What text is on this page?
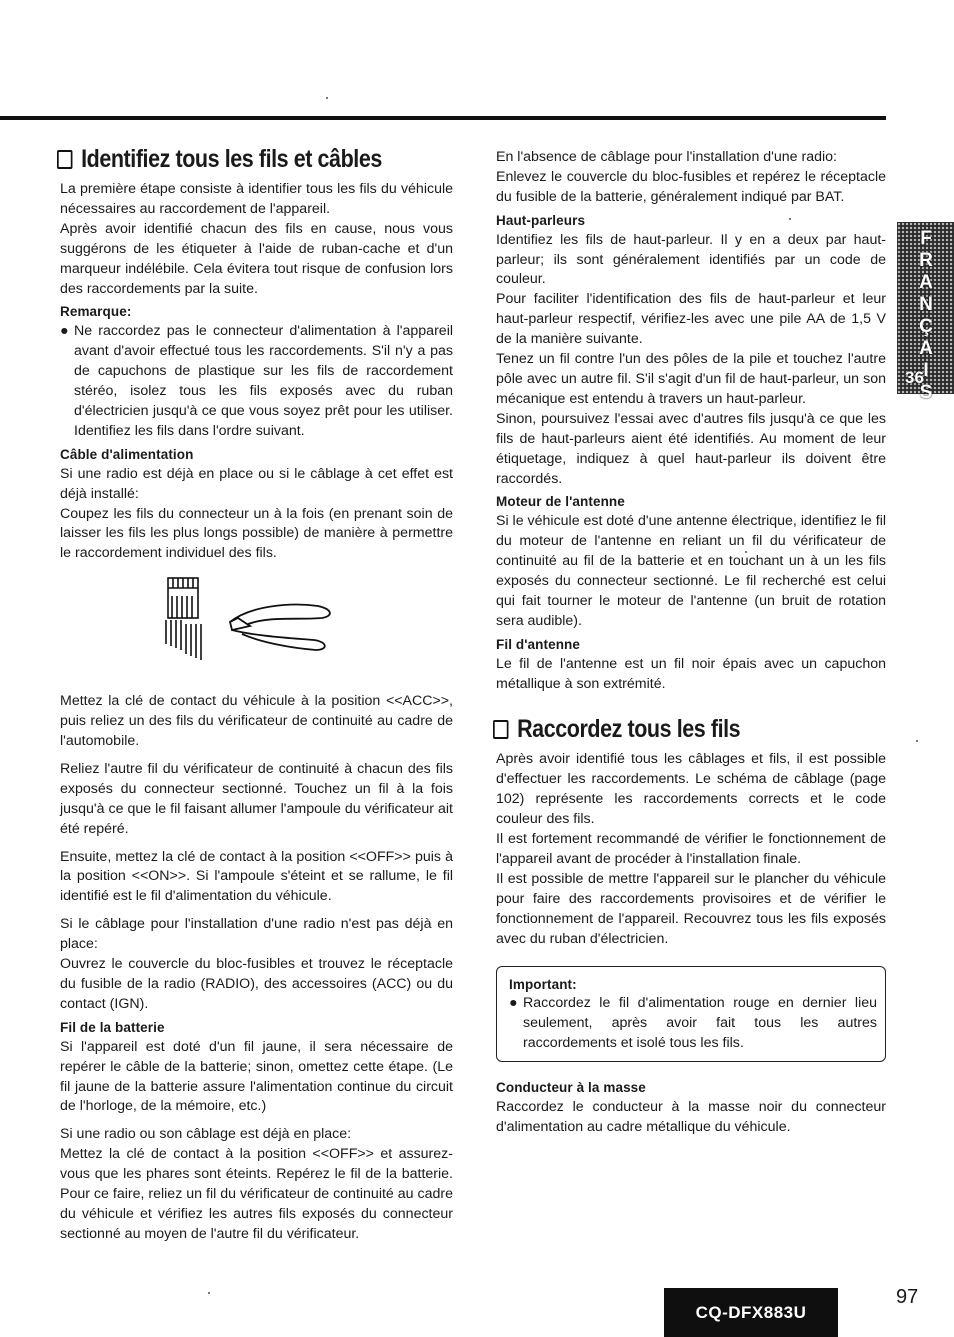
Identifiez tous les fils et câbles

La première étape consiste à identifier tous les fils du véhicule nécessaires au raccordement de l'appareil.

Après avoir identifié chacun des fils en cause, nous vous suggérons de les étiqueter à l'aide de ruban-cache et d'un marqueur indélébile. Cela évitera tout risque de confusion lors des raccordements par la suite.

Remarque:
● Ne raccordez pas le connecteur d'alimentation à l'appareil avant d'avoir effectué tous les raccordements. S'il n'y a pas de capuchons de plastique sur les fils de raccordement stéréo, isolez tous les fils exposés avec du ruban d'électricien jusqu'à ce que vous soyez prêt pour les utiliser. Identifiez les fils dans l'ordre suivant.

Câble d'alimentation

Si une radio est déjà en place ou si le câblage à cet effet est déjà installé:

Coupez les fils du connecteur un à la fois (en prenant soin de laisser les fils les plus longs possible) de manière à permettre le raccordement individuel des fils.

Mettez la clé de contact du véhicule à la position <<ACC>>, puis reliez un des fils du vérificateur de continuité au cadre de l'automobile.

Reliez l'autre fil du vérificateur de continuité à chacun des fils exposés du connecteur sectionné. Touchez un fil à la fois jusqu'à ce que le fil faisant allumer l'ampoule du vérificateur ait été repéré.

Ensuite, mettez la clé de contact à la position <<OFF>> puis à la position <<ON>>. Si l'ampoule s'éteint et se rallume, le fil identifié est le fil d'alimentation du véhicule.

Si le câblage pour l'installation d'une radio n'est pas déjà en place:

Ouvrez le couvercle du bloc-fusibles et trouvez le réceptacle du fusible de la radio (RADIO), des accessoires (ACC) ou du contact (IGN).

Fil de la batterie

Si l'appareil est doté d'un fil jaune, il sera nécessaire de repérer le câble de la batterie; sinon, omettez cette étape. (Le fil jaune de la batterie assure l'alimentation continue du circuit de l'horloge, de la mémoire, etc.)

Si une radio ou son câblage est déjà en place:

Mettez la clé de contact à la position <<OFF>> et assurez-vous que les phares sont éteints. Repérez le fil de la batterie. Pour ce faire, reliez un fil du vérificateur de continuité au cadre du véhicule et vérifiez les autres fils exposés du connecteur sectionné au moyen de l'autre fil du vérificateur.

En l'absence de câblage pour l'installation d'une radio:

Enlevez le couvercle du bloc-fusibles et repérez le réceptacle du fusible de la batterie, généralement indiqué par BAT.

Haut-parleurs

Identifiez les fils de haut-parleur. Il y en a deux par haut-parleur; ils sont généralement identifiés par un code de couleur.

Pour faciliter l'identification des fils de haut-parleur et leur haut-parleur respectif, vérifiez-les avec une pile AA de 1,5 V de la manière suivante.

Tenez un fil contre l'un des pôles de la pile et touchez l'autre pôle avec un autre fil. S'il s'agit d'un fil de haut-parleur, un son mécanique est entendu à travers un haut-parleur.

Sinon, poursuivez l'essai avec d'autres fils jusqu'à ce que les fils de haut-parleurs aient été identifiés. Au moment de leur étiquetage, indiquez à quel haut-parleur ils doivent être raccordés.

Moteur de l'antenne

Si le véhicule est doté d'une antenne électrique, identifiez le fil du moteur de l'antenne en reliant un fil du vérificateur de continuité au fil de la batterie et en touchant un à un les fils exposés du connecteur sectionné. Le fil recherché est celui qui fait tourner le moteur de l'antenne (un bruit de rotation sera audible).

Fil d'antenne

Le fil de l'antenne est un fil noir épais avec un capuchon métallique à son extrémité.

Raccordez tous les fils

Après avoir identifié tous les câblages et fils, il est possible d'effectuer les raccordements. Le schéma de câblage (page 102) représente les raccordements corrects et le code couleur des fils.

Il est fortement recommandé de vérifier le fonctionnement de l'appareil avant de procéder à l'installation finale.

Il est possible de mettre l'appareil sur le plancher du véhicule pour faire des raccordements provisoires et de vérifier le fonctionnement de l'appareil. Recouvrez tous les fils exposés avec du ruban d'électricien.

Important:
● Raccordez le fil d'alimentation rouge en dernier lieu seulement, après avoir fait tous les autres raccordements et isolé tous les fils.

Conducteur à la masse

Raccordez le conducteur à la masse noir du connecteur d'alimentation au cadre métallique du véhicule.

F
R
A
N
Ç
A
I
S
36
CQ-DFX883U
97
